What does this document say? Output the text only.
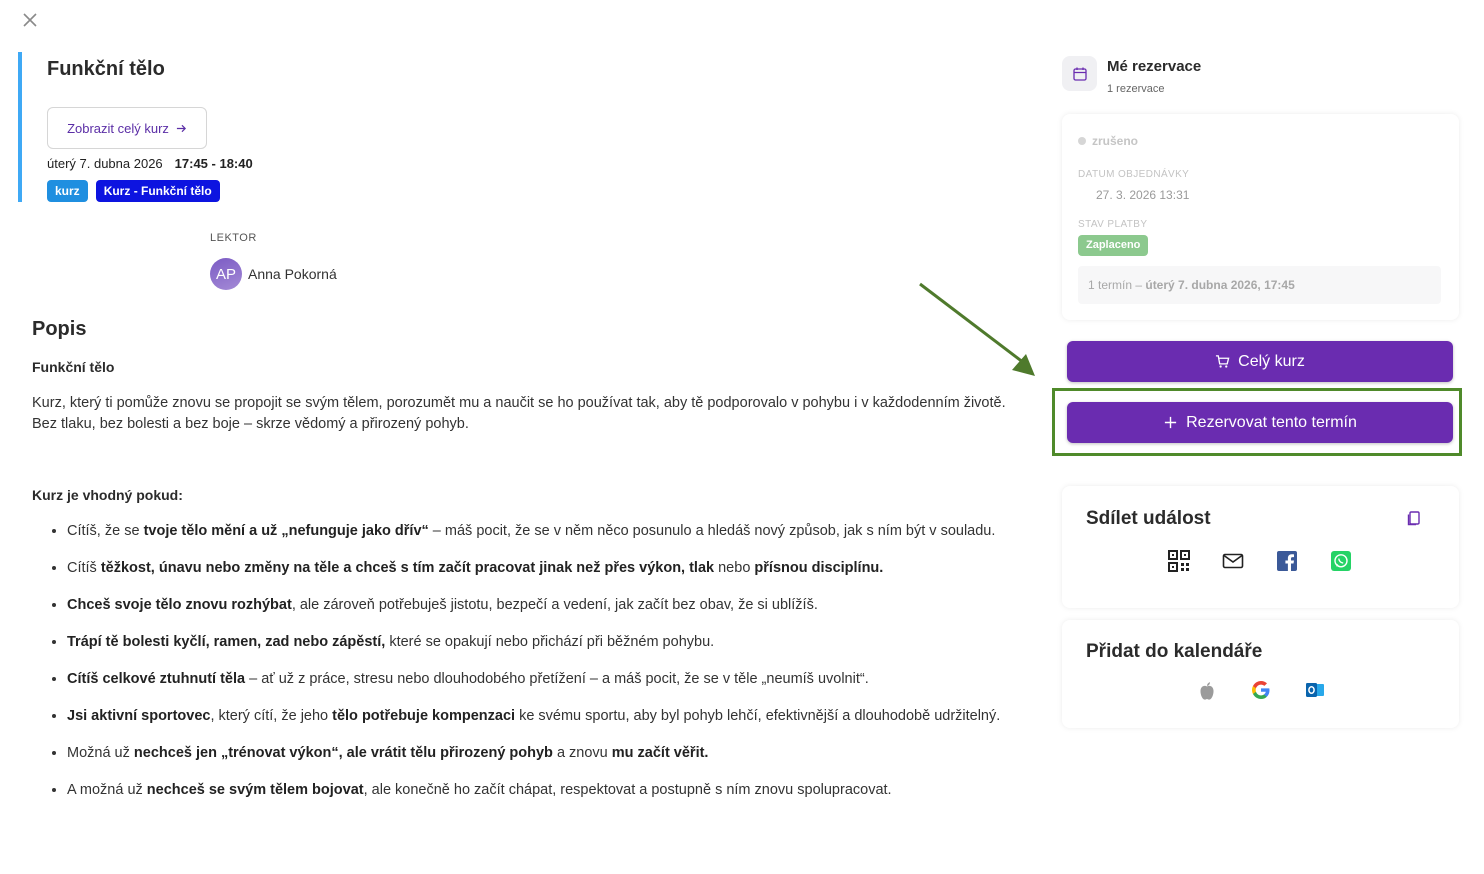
Funkční tělo
Zobrazit celý kurz
úterý 7. dubna 2026 17:45 - 18:40
kurz	Kurz - Funkční tělo
LEKTOR
AP Anna Pokorná
Popis
Funkční tělo
Kurz, který ti pomůže znovu se propojit se svým tělem, porozumět mu a naučit se ho používat tak, aby tě podporovalo v pohybu i v každodenním životě. Bez tlaku, bez bolesti a bez boje – skrze vědomý a přirozený pohyb.
Kurz je vhodný pokud:
• Cítíš, že se tvoje tělo mění a už „nefunguje jako dřív“ – máš pocit, že se v něm něco posunulo a hledáš nový způsob, jak s ním být v souladu.
• Cítíš těžkost, únavu nebo změny na těle a chceš s tím začít pracovat jinak než přes výkon, tlak nebo přísnou disciplínu.
• Chceš svoje tělo znovu rozhýbat, ale zároveň potřebuješ jistotu, bezpečí a vedení, jak začít bez obav, že si ublížíš.
• Trápí tě bolesti kyčlí, ramen, zad nebo zápěstí, které se opakují nebo přichází při běžném pohybu.
• Cítíš celkové ztuhnutí těla – ať už z práce, stresu nebo dlouhodobého přetížení – a máš pocit, že se v těle „neumíš uvolnit“.
• Jsi aktivní sportovec, který cítí, že jeho tělo potřebuje kompenzaci ke svému sportu, aby byl pohyb lehčí, efektivnější a dlouhodobě udržitelný.
• Možná už nechceš jen „trénovat výkon“, ale vrátit tělu přirozený pohyb a znovu mu začít věřit.
• A možná už nechceš se svým tělem bojovat, ale konečně ho začít chápat, respektovat a postupně s ním znovu spolupracovat.
Mé rezervace
1 rezervace
zrušeno
DATUM OBJEDNÁVKY
27. 3. 2026 13:31
STAV PLATBY
Zaplaceno
1 termín – úterý 7. dubna 2026, 17:45
Celý kurz
Rezervovat tento termín
Sdílet událost
Přidat do kalendáře
